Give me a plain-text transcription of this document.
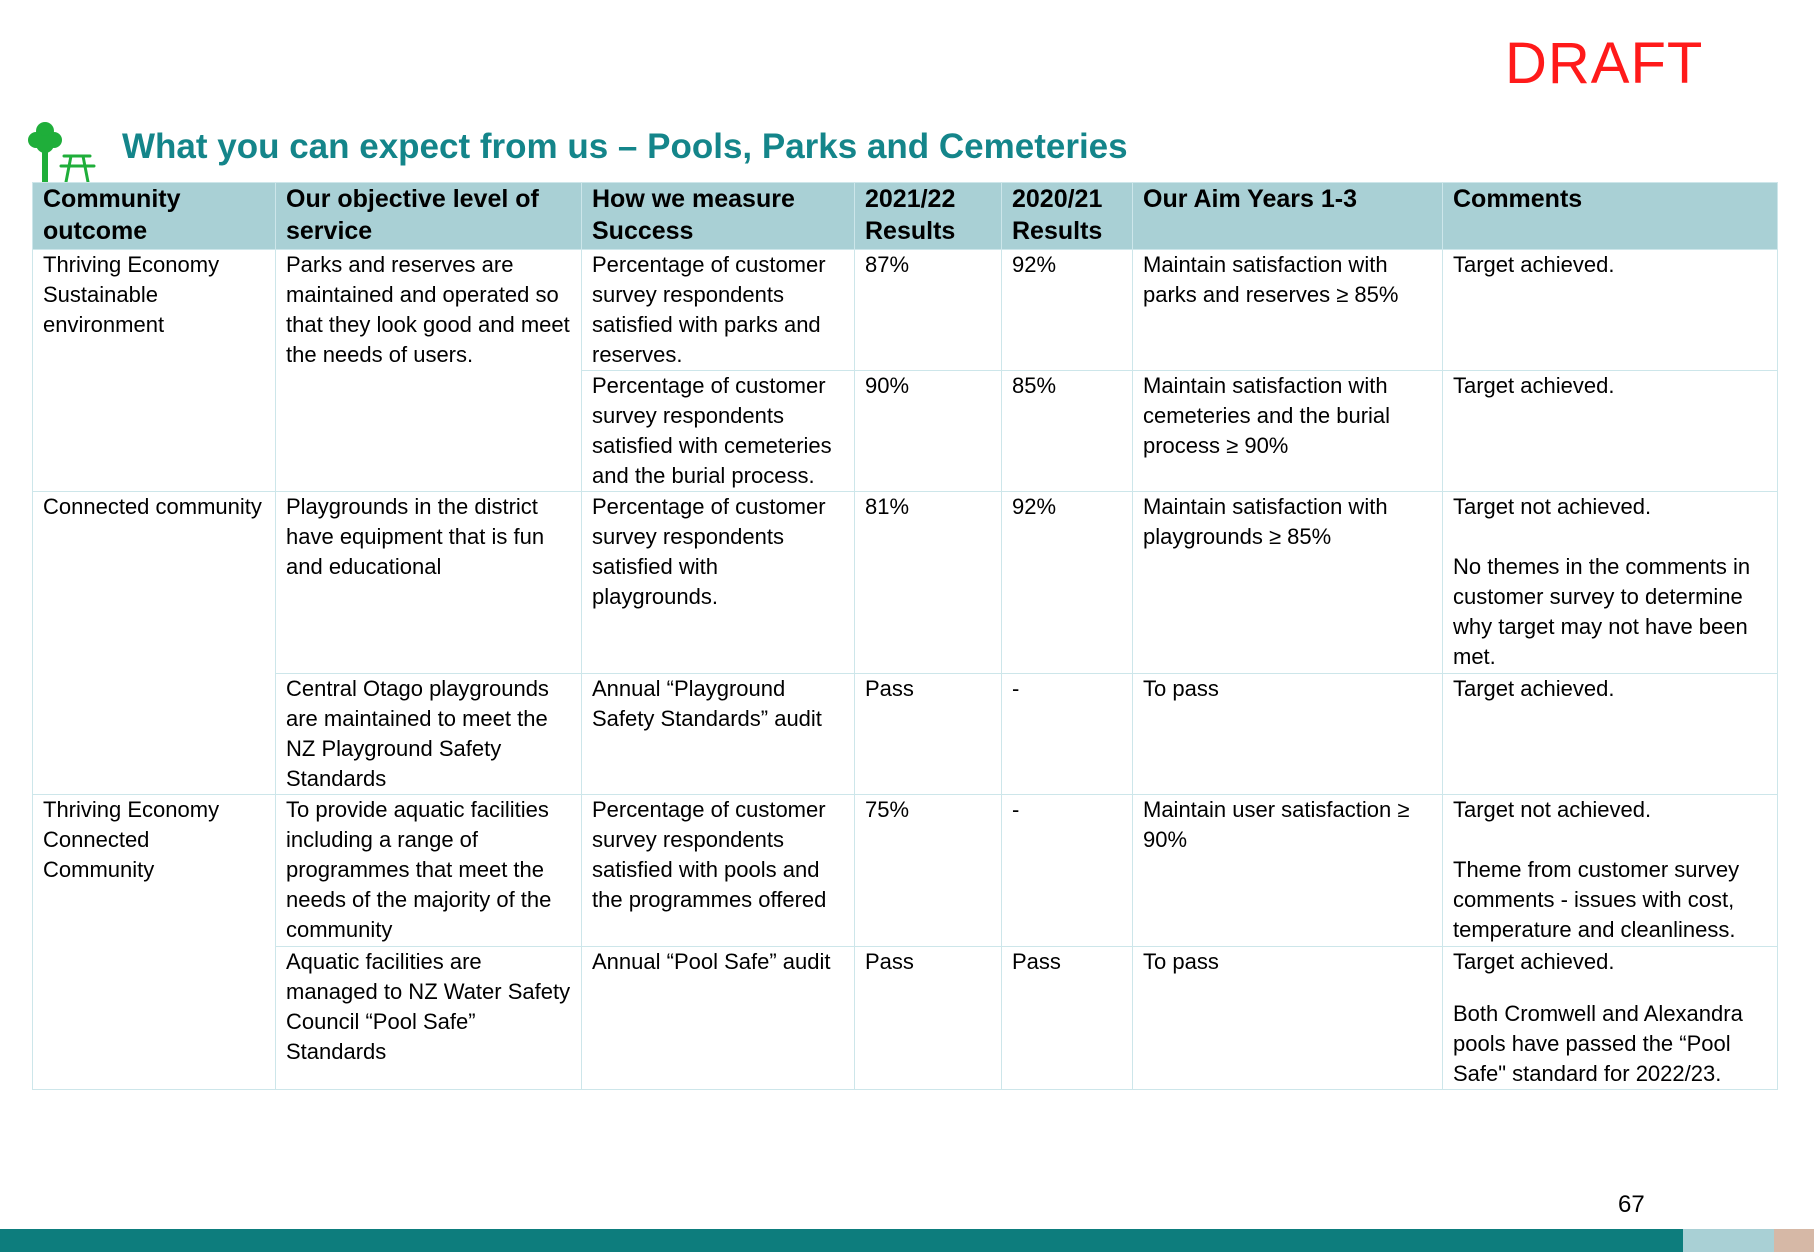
DRAFT
What you can expect from us – Pools, Parks and Cemeteries
Community outcome	Our objective level of service	How we measure Success	2021/22 Results	2020/21 Results	Our Aim Years 1-3	Comments
Thriving Economy Sustainable environment	Parks and reserves are maintained and operated so that they look good and meet the needs of users.	Percentage of customer survey respondents satisfied with parks and reserves.	87%	92%	Maintain satisfaction with parks and reserves ≥ 85%	Target achieved.
		Percentage of customer survey respondents satisfied with cemeteries and the burial process.	90%	85%	Maintain satisfaction with cemeteries and the burial process ≥ 90%	Target achieved.
Connected community	Playgrounds in the district have equipment that is fun and educational	Percentage of customer survey respondents satisfied with playgrounds.	81%	92%	Maintain satisfaction with playgrounds ≥ 85%	Target not achieved.
No themes in the comments in customer survey to determine why target may not have been met.
	Central Otago playgrounds are maintained to meet the NZ Playground Safety Standards	Annual “Playground Safety Standards” audit	Pass	-	To pass	Target achieved.
Thriving Economy Connected Community	To provide aquatic facilities including a range of programmes that meet the needs of the majority of the community	Percentage of customer survey respondents satisfied with pools and the programmes offered	75%	-	Maintain user satisfaction ≥ 90%	Target not achieved.
Theme from customer survey comments - issues with cost, temperature and cleanliness.
	Aquatic facilities are managed to NZ Water Safety Council “Pool Safe” Standards	Annual “Pool Safe” audit	Pass	Pass	To pass	Target achieved.
Both Cromwell and Alexandra pools have passed the “Pool Safe" standard for 2022/23.
67
